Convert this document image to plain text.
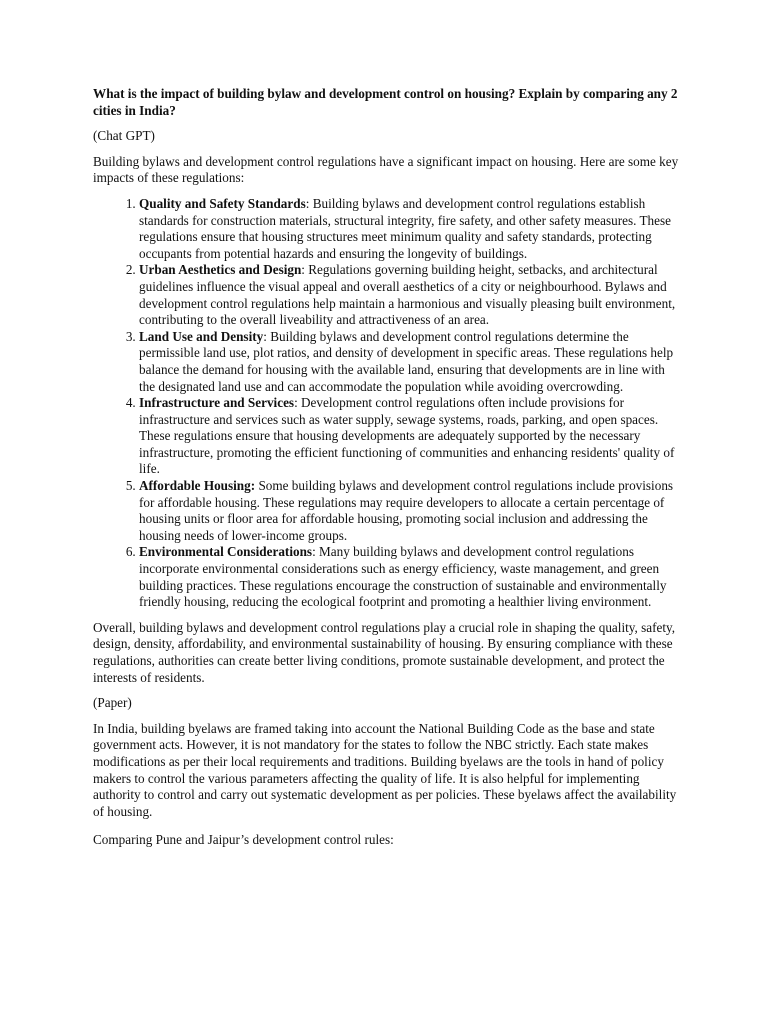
What is the impact of building bylaw and development control on housing? Explain by comparing any 2 cities in India?

(Chat GPT)

Building bylaws and development control regulations have a significant impact on housing. Here are some key impacts of these regulations:

1. Quality and Safety Standards: Building bylaws and development control regulations establish standards for construction materials, structural integrity, fire safety, and other safety measures. These regulations ensure that housing structures meet minimum quality and safety standards, protecting occupants from potential hazards and ensuring the longevity of buildings.
2. Urban Aesthetics and Design: Regulations governing building height, setbacks, and architectural guidelines influence the visual appeal and overall aesthetics of a city or neighbourhood. Bylaws and development control regulations help maintain a harmonious and visually pleasing built environment, contributing to the overall liveability and attractiveness of an area.
3. Land Use and Density: Building bylaws and development control regulations determine the permissible land use, plot ratios, and density of development in specific areas. These regulations help balance the demand for housing with the available land, ensuring that developments are in line with the designated land use and can accommodate the population while avoiding overcrowding.
4. Infrastructure and Services: Development control regulations often include provisions for infrastructure and services such as water supply, sewage systems, roads, parking, and open spaces. These regulations ensure that housing developments are adequately supported by the necessary infrastructure, promoting the efficient functioning of communities and enhancing residents' quality of life.
5. Affordable Housing: Some building bylaws and development control regulations include provisions for affordable housing. These regulations may require developers to allocate a certain percentage of housing units or floor area for affordable housing, promoting social inclusion and addressing the housing needs of lower-income groups.
6. Environmental Considerations: Many building bylaws and development control regulations incorporate environmental considerations such as energy efficiency, waste management, and green building practices. These regulations encourage the construction of sustainable and environmentally friendly housing, reducing the ecological footprint and promoting a healthier living environment.

Overall, building bylaws and development control regulations play a crucial role in shaping the quality, safety, design, density, affordability, and environmental sustainability of housing. By ensuring compliance with these regulations, authorities can create better living conditions, promote sustainable development, and protect the interests of residents.

(Paper)

In India, building byelaws are framed taking into account the National Building Code as the base and state government acts. However, it is not mandatory for the states to follow the NBC strictly. Each state makes modifications as per their local requirements and traditions. Building byelaws are the tools in hand of policy makers to control the various parameters affecting the quality of life. It is also helpful for implementing authority to control and carry out systematic development as per policies. These byelaws affect the availability of housing.

Comparing Pune and Jaipur’s development control rules:
